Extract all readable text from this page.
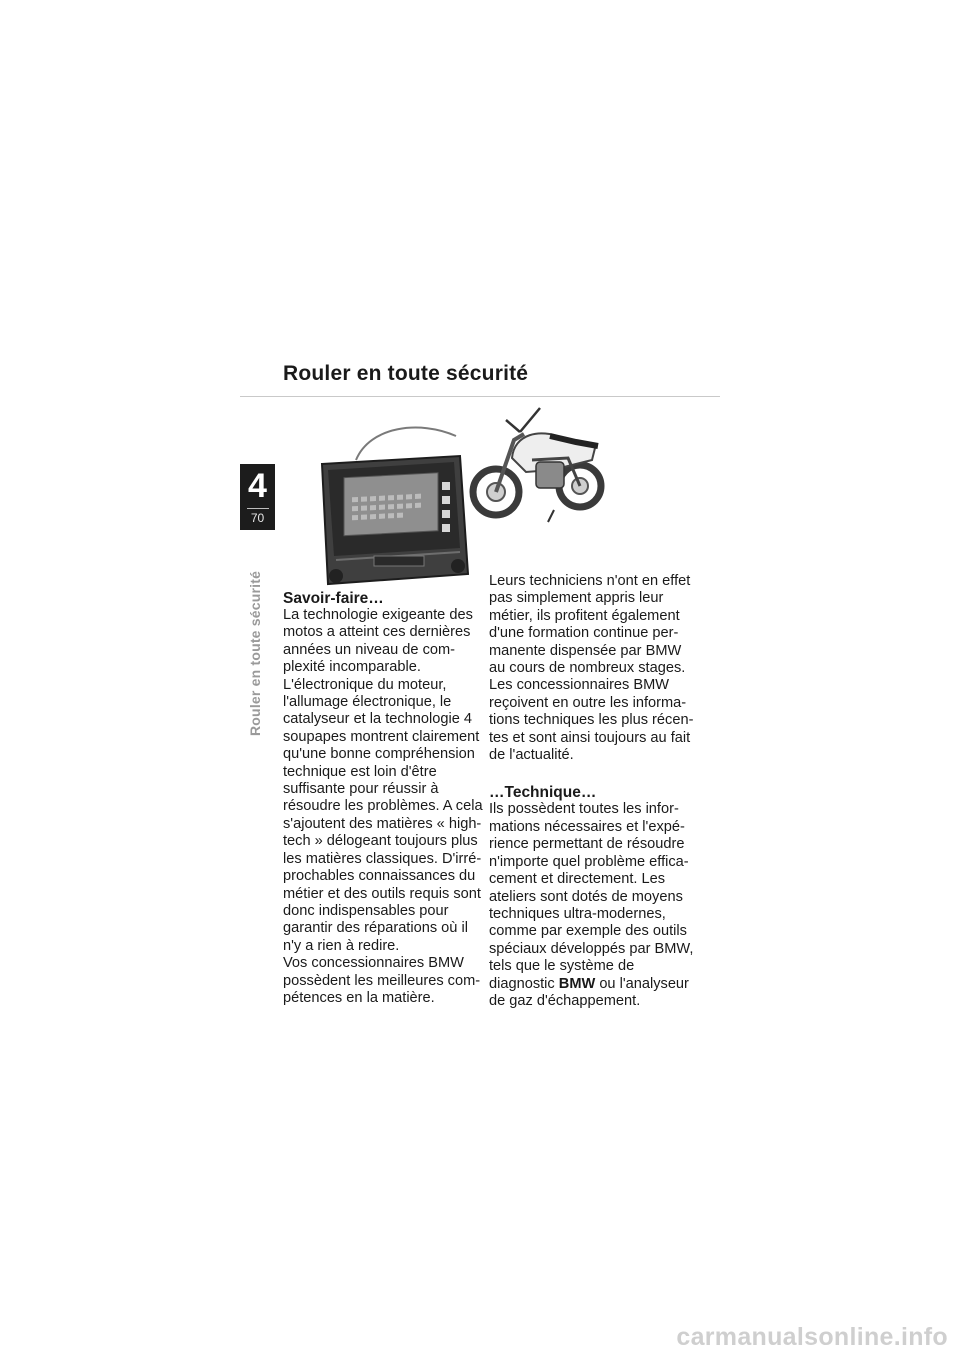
Rouler en toute sécurité
4
70
Rouler en toute sécurité Savoir-faire…

La technologie exigeante des motos a atteint ces dernières années un niveau de complexité incomparable. L'électronique du moteur, l'allumage électronique, le catalyseur et la technologie 4 soupapes montrent clairement qu'une bonne compréhension technique est loin d'être suffisante pour réussir à résoudre les problèmes. A cela s'ajoutent des matières « high-tech » délogeant toujours plus les matières classiques. D'irréprochables connaissances du métier et des outils requis sont donc indispensables pour garantir des réparations où il n'y a rien à redire.

Vos concessionnaires BMW possèdent les meilleures compétences en la matière.

Leurs techniciens n'ont en effet pas simplement appris leur métier, ils profitent également d'une formation continue permanente dispensée par BMW au cours de nombreux stages. Les concessionnaires BMW reçoivent en outre les informations techniques les plus récentes et sont ainsi toujours au fait de l'actualité.

…Technique…

Ils possèdent toutes les informations nécessaires et l'expérience permettant de résoudre n'importe quel problème efficacement et directement. Les ateliers sont dotés de moyens techniques ultra-modernes, comme par exemple des outils spéciaux développés par BMW, tels que le système de diagnostic BMW ou l'analyseur de gaz d'échappement.

carmanualsonline.info
